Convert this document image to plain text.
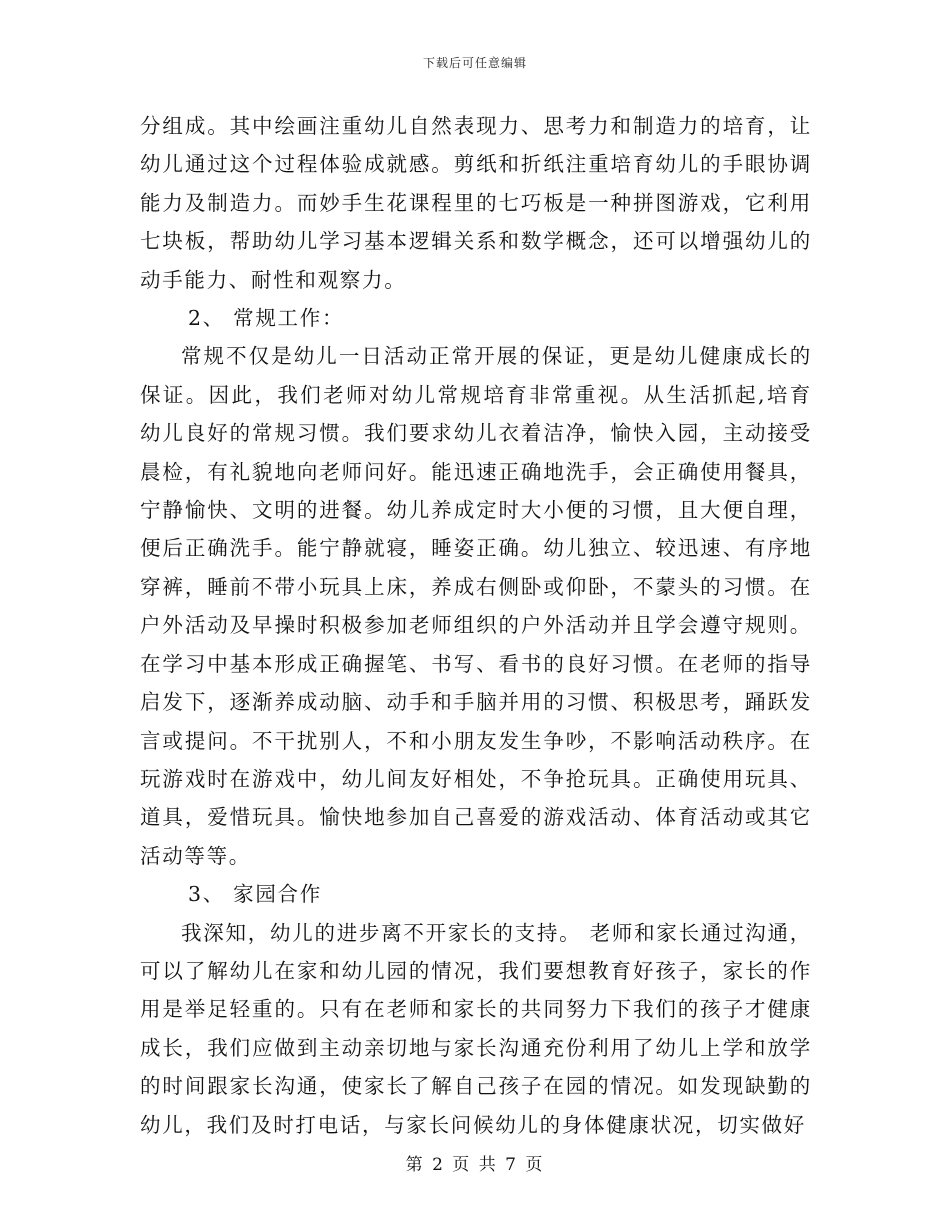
下载后可任意编辑

分组成。其中绘画注重幼儿自然表现力、思考力和制造力的培育，让幼儿通过这个过程体验成就感。剪纸和折纸注重培育幼儿的手眼协调能力及制造力。而妙手生花课程里的七巧板是一种拼图游戏，它利用七块板，帮助幼儿学习基本逻辑关系和数学概念，还可以增强幼儿的动手能力、耐性和观察力。

2、 常规工作：

常规不仅是幼儿一日活动正常开展的保证，更是幼儿健康成长的保证。因此，我们老师对幼儿常规培育非常重视。从生活抓起,培育幼儿良好的常规习惯。我们要求幼儿衣着洁净，愉快入园，主动接受晨检，有礼貌地向老师问好。能迅速正确地洗手，会正确使用餐具，宁静愉快、文明的进餐。幼儿养成定时大小便的习惯，且大便自理，便后正确洗手。能宁静就寝，睡姿正确。幼儿独立、较迅速、有序地穿裤，睡前不带小玩具上床，养成右侧卧或仰卧，不蒙头的习惯。在户外活动及早操时积极参加老师组织的户外活动并且学会遵守规则。在学习中基本形成正确握笔、书写、看书的良好习惯。在老师的指导启发下，逐渐养成动脑、动手和手脑并用的习惯、积极思考，踊跃发言或提问。不干扰别人，不和小朋友发生争吵，不影响活动秩序。在玩游戏时在游戏中，幼儿间友好相处，不争抢玩具。正确使用玩具、道具，爱惜玩具。愉快地参加自己喜爱的游戏活动、体育活动或其它活动等等。

3、 家园合作

我深知，幼儿的进步离不开家长的支持。 老师和家长通过沟通，可以了解幼儿在家和幼儿园的情况，我们要想教育好孩子，家长的作用是举足轻重的。只有在老师和家长的共同努力下我们的孩子才健康成长，我们应做到主动亲切地与家长沟通充份利用了幼儿上学和放学的时间跟家长沟通，使家长了解自己孩子在园的情况。如发现缺勤的幼儿，我们及时打电话，与家长问候幼儿的身体健康状况，切实做好

第 2 页 共 7 页
